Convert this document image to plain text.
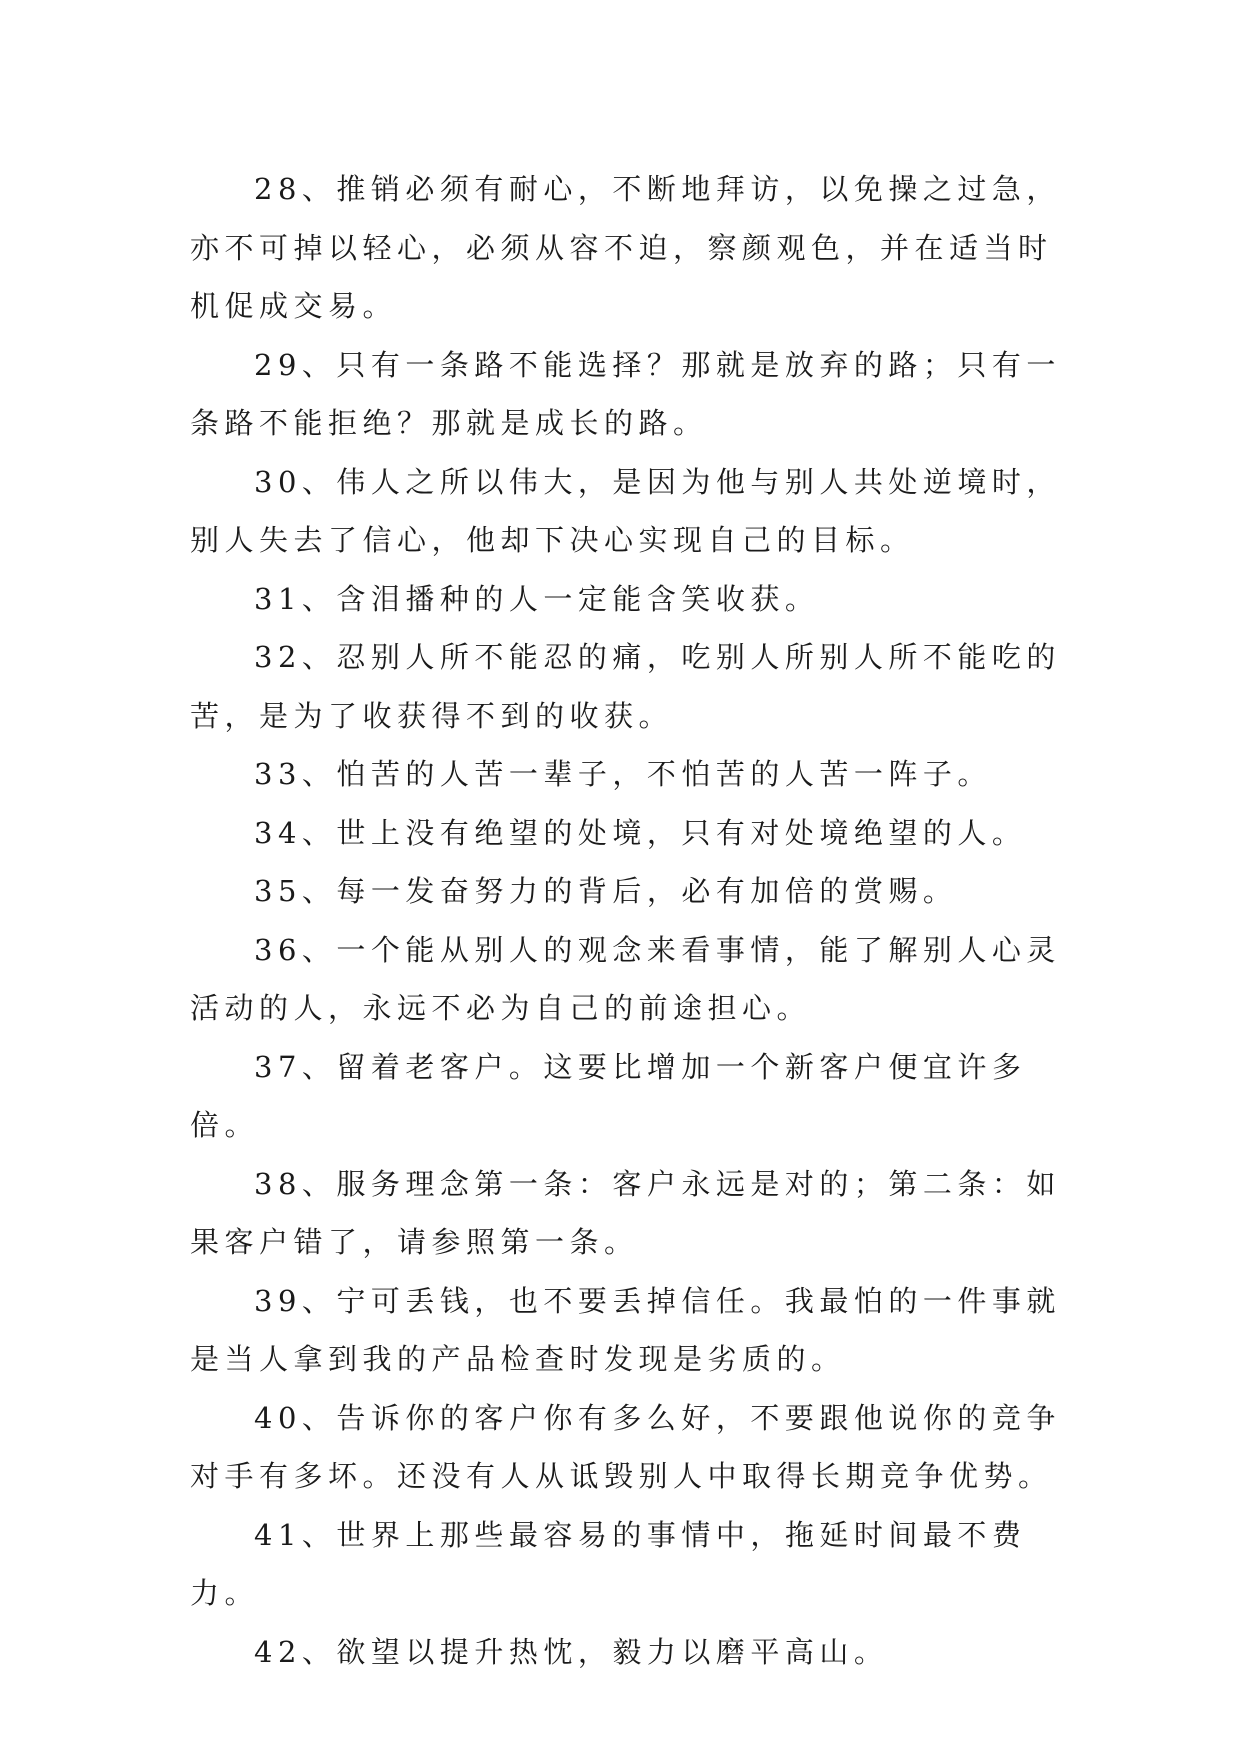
28、推销必须有耐心，不断地拜访，以免操之过急，亦不可掉以轻心，必须从容不迫，察颜观色，并在适当时机促成交易。

29、只有一条路不能选择？那就是放弃的路；只有一条路不能拒绝？那就是成长的路。

30、伟人之所以伟大，是因为他与别人共处逆境时，别人失去了信心，他却下决心实现自己的目标。

31、含泪播种的人一定能含笑收获。

32、忍别人所不能忍的痛，吃别人所别人所不能吃的苦，是为了收获得不到的收获。

33、怕苦的人苦一辈子，不怕苦的人苦一阵子。

34、世上没有绝望的处境，只有对处境绝望的人。

35、每一发奋努力的背后，必有加倍的赏赐。

36、一个能从别人的观念来看事情，能了解别人心灵活动的人，永远不必为自己的前途担心。

37、留着老客户。这要比增加一个新客户便宜许多倍。

38、服务理念第一条：客户永远是对的；第二条：如果客户错了，请参照第一条。

39、宁可丢钱，也不要丢掉信任。我最怕的一件事就是当人拿到我的产品检查时发现是劣质的。

40、告诉你的客户你有多么好，不要跟他说你的竞争对手有多坏。还没有人从诋毁别人中取得长期竞争优势。

41、世界上那些最容易的事情中，拖延时间最不费力。

42、欲望以提升热忱，毅力以磨平高山。
